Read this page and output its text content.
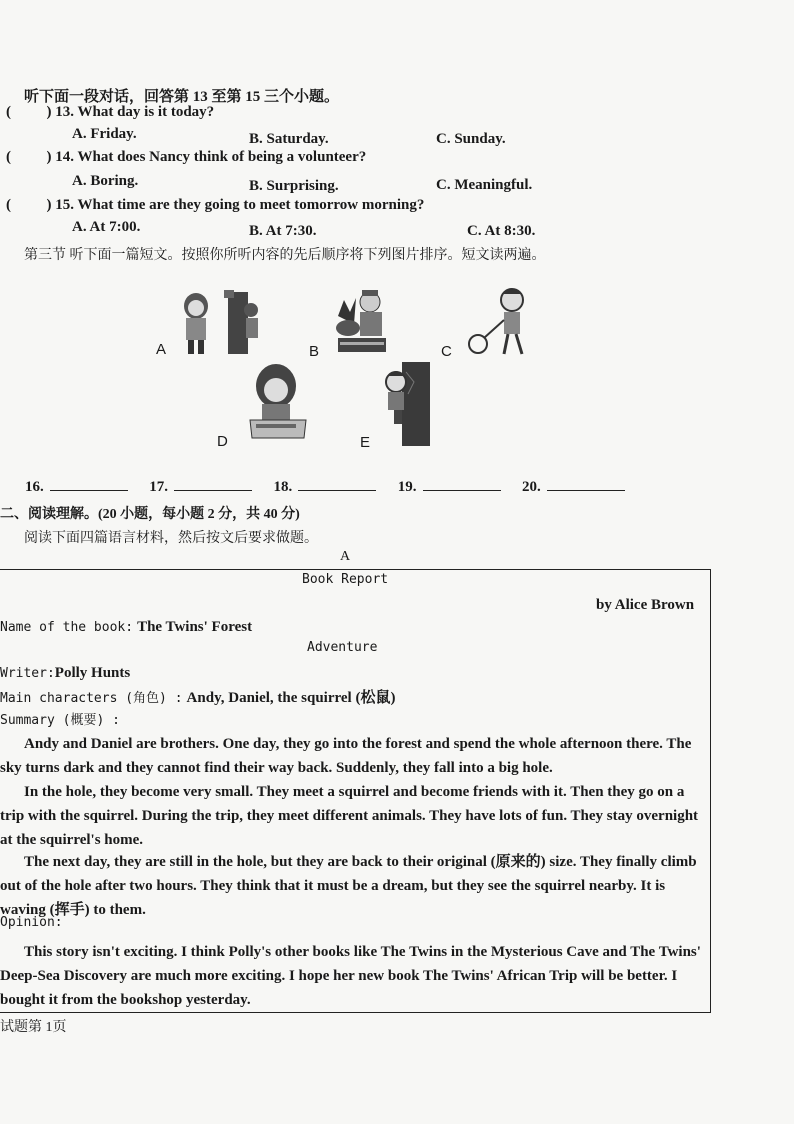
听下面一段对话，回答第 13 至第 15 三个小题。
( ) 13. What day is it today?
A. Friday.	B. Saturday.	C. Sunday.
( ) 14. What does Nancy think of being a volunteer?
A. Boring.	B. Surprising.	C. Meaningful.
( ) 15. What time are they going to meet tomorrow morning?
A. At 7:00.	B. At 7:30.	C. At 8:30.
第三节 听下面一篇短文。按照你所听内容的先后顺序将下列图片排序。短文读两遍。
A	B	C
D	E
16.	17.	18.	19.	20.
二、阅读理解。(20 小题，每小题 2 分，共 40 分)
阅读下面四篇语言材料，然后按文后要求做题。
A
Book Report
by Alice Brown
Name of the book: The Twins' Forest
Adventure
Writer:Polly Hunts
Main characters (角色) : Andy, Daniel, the squirrel (松鼠)
Summary (概要) :
Andy and Daniel are brothers. One day, they go into the forest and spend the whole afternoon there. The sky turns dark and they cannot find their way back. Suddenly, they fall into a big hole.
In the hole, they become very small. They meet a squirrel and become friends with it. Then they go on a trip with the squirrel. During the trip, they meet different animals. They have lots of fun. They stay overnight at the squirrel's home.
The next day, they are still in the hole, but they are back to their original (原来的) size. They finally climb out of the hole after two hours. They think that it must be a dream, but they see the squirrel nearby. It is waving (挥手) to them.
Opinion:
This story isn't exciting. I think Polly's other books like The Twins in the Mysterious Cave and The Twins' Deep-Sea Discovery are much more exciting. I hope her new book The Twins' African Trip will be better. I bought it from the bookshop yesterday.
试题第 1页
